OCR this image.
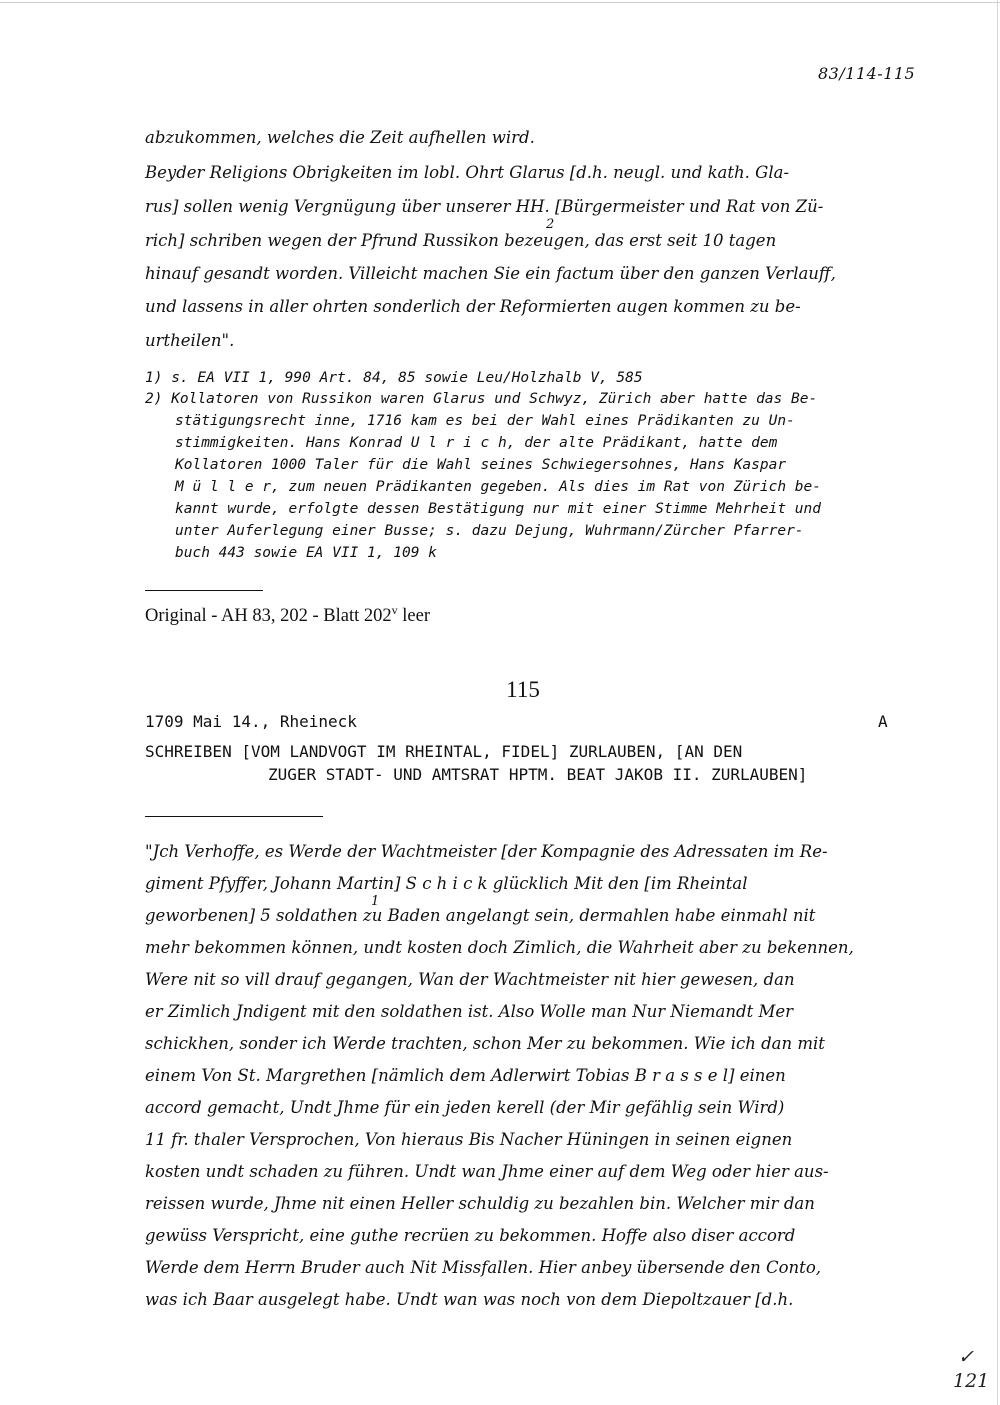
83/114-115
abzukommen, welches die Zeit aufhellen wird.
Beyder Religions Obrigkeiten im lobl. Ohrt Glarus [d.h. neugl. und kath. Gla-
rus] sollen wenig Vergnügung über unserer HH. [Bürgermeister und Rat von Zü-
rich] schriben wegen der Pfrund Russikon bezeugen, das erst seit 10 tagen
2
hinauf gesandt worden. Villeicht machen Sie ein factum über den ganzen Verlauff,
und lassens in aller ohrten sonderlich der Reformierten augen kommen zu be-
urtheilen".
1) s. EA VII 1, 990 Art. 84, 85 sowie Leu/Holzhalb V, 585
2) Kollatoren von Russikon waren Glarus und Schwyz, Zürich aber hatte das Be-
stätigungsrecht inne, 1716 kam es bei der Wahl eines Prädikanten zu Un-
stimmigkeiten. Hans Konrad U l r i c h, der alte Prädikant, hatte dem
Kollatoren 1000 Taler für die Wahl seines Schwiegersohnes, Hans Kaspar
M ü l l e r, zum neuen Prädikanten gegeben. Als dies im Rat von Zürich be-
kannt wurde, erfolgte dessen Bestätigung nur mit einer Stimme Mehrheit und
unter Auferlegung einer Busse; s. dazu Dejung, Wuhrmann/Zürcher Pfarrer-
buch 443 sowie EA VII 1, 109 k
Original - AH 83, 202 - Blatt 202$^v$ leer
115
1709 Mai 14., Rheineck	A
SCHREIBEN [VOM LANDVOGT IM RHEINTAL, FIDEL] ZURLAUBEN, [AN DEN
ZUGER STADT- UND AMTSRAT HPTM. BEAT JAKOB II. ZURLAUBEN]
"Jch Verhoffe, es Werde der Wachtmeister [der Kompagnie des Adressaten im Re-
giment Pfyffer, Johann Martin] S c h i c k glücklich Mit den [im Rheintal
geworbenen] 5 soldathen zu Baden angelangt sein, dermahlen habe einmahl nit
1
mehr bekommen können, undt kosten doch Zimlich, die Wahrheit aber zu bekennen,
Were nit so vill drauf gegangen, Wan der Wachtmeister nit hier gewesen, dan
er Zimlich Jndigent mit den soldathen ist. Also Wolle man Nur Niemandt Mer
schickhen, sonder ich Werde trachten, schon Mer zu bekommen. Wie ich dan mit
einem Von St. Margrethen [nämlich dem Adlerwirt Tobias B r a s s e l] einen
accord gemacht, Undt Jhme für ein jeden kerell (der Mir gefählig sein Wird)
11 fr. thaler Versprochen, Von hieraus Bis Nacher Hüningen in seinen eignen
kosten undt schaden zu führen. Undt wan Jhme einer auf dem Weg oder hier aus-
reissen wurde, Jhme nit einen Heller schuldig zu bezahlen bin. Welcher mir dan
gewüss Verspricht, eine guthe recrüen zu bekommen. Hoffe also diser accord
Werde dem Herrn Bruder auch Nit Missfallen. Hier anbey übersende den Conto,
was ich Baar ausgelegt habe. Undt wan was noch von dem Diepoltzauer [d.h.
✓
121
